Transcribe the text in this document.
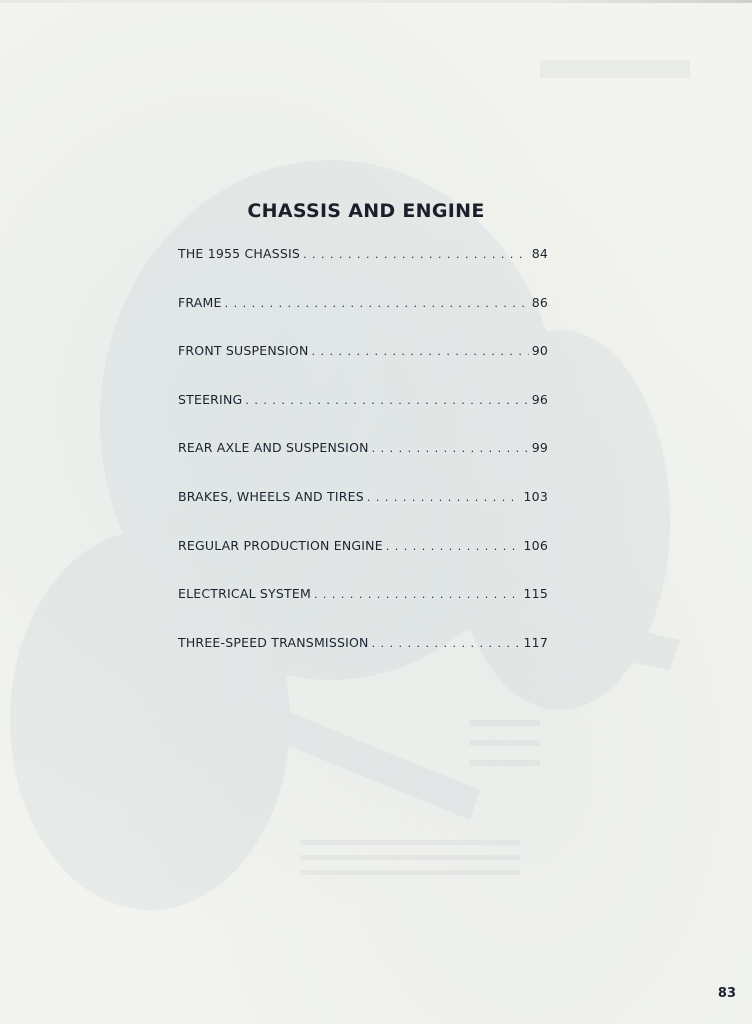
CHASSIS AND ENGINE
THE 1955 CHASSIS . . .	84
FRAME . . .	86
FRONT SUSPENSION . . .	90
STEERING . . .	96
REAR AXLE AND SUSPENSION . . .	99
BRAKES, WHEELS AND TIRES . . .	103
REGULAR PRODUCTION ENGINE . . .	106
ELECTRICAL SYSTEM . . .	115
THREE-SPEED TRANSMISSION . . .	117
83
